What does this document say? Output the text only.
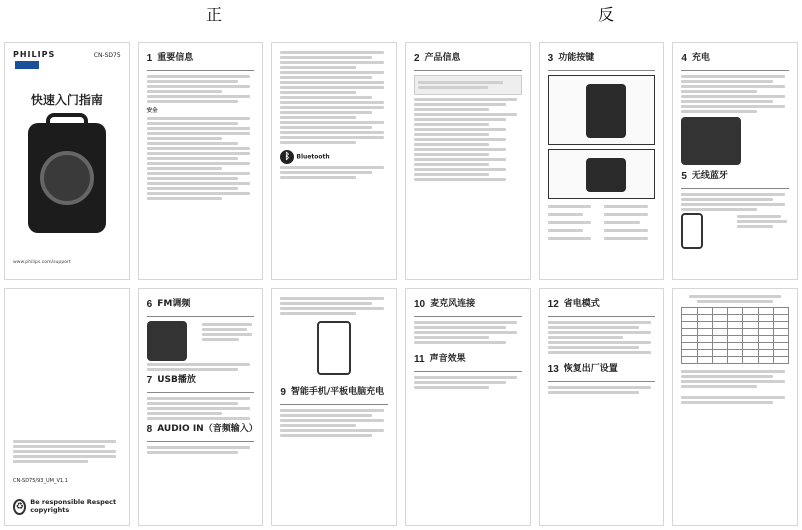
正	反
PHILIPS	CN-SD75
快速入门指南
www.philips.com/support
1 重要信息
安全
ᛒ Bluetooth
2 产品信息	3 功能按键	4 充电
5 无线蓝牙
CN-SD75/93_UM_V1.1
♻	Be responsible Respect copyrights
6 FM调频
7 USB播放
8 AUDIO IN（音频输入）
9 智能手机/平板电脑充电
10 麦克风连接
11 声音效果
12 省电模式
13 恢复出厂设置
